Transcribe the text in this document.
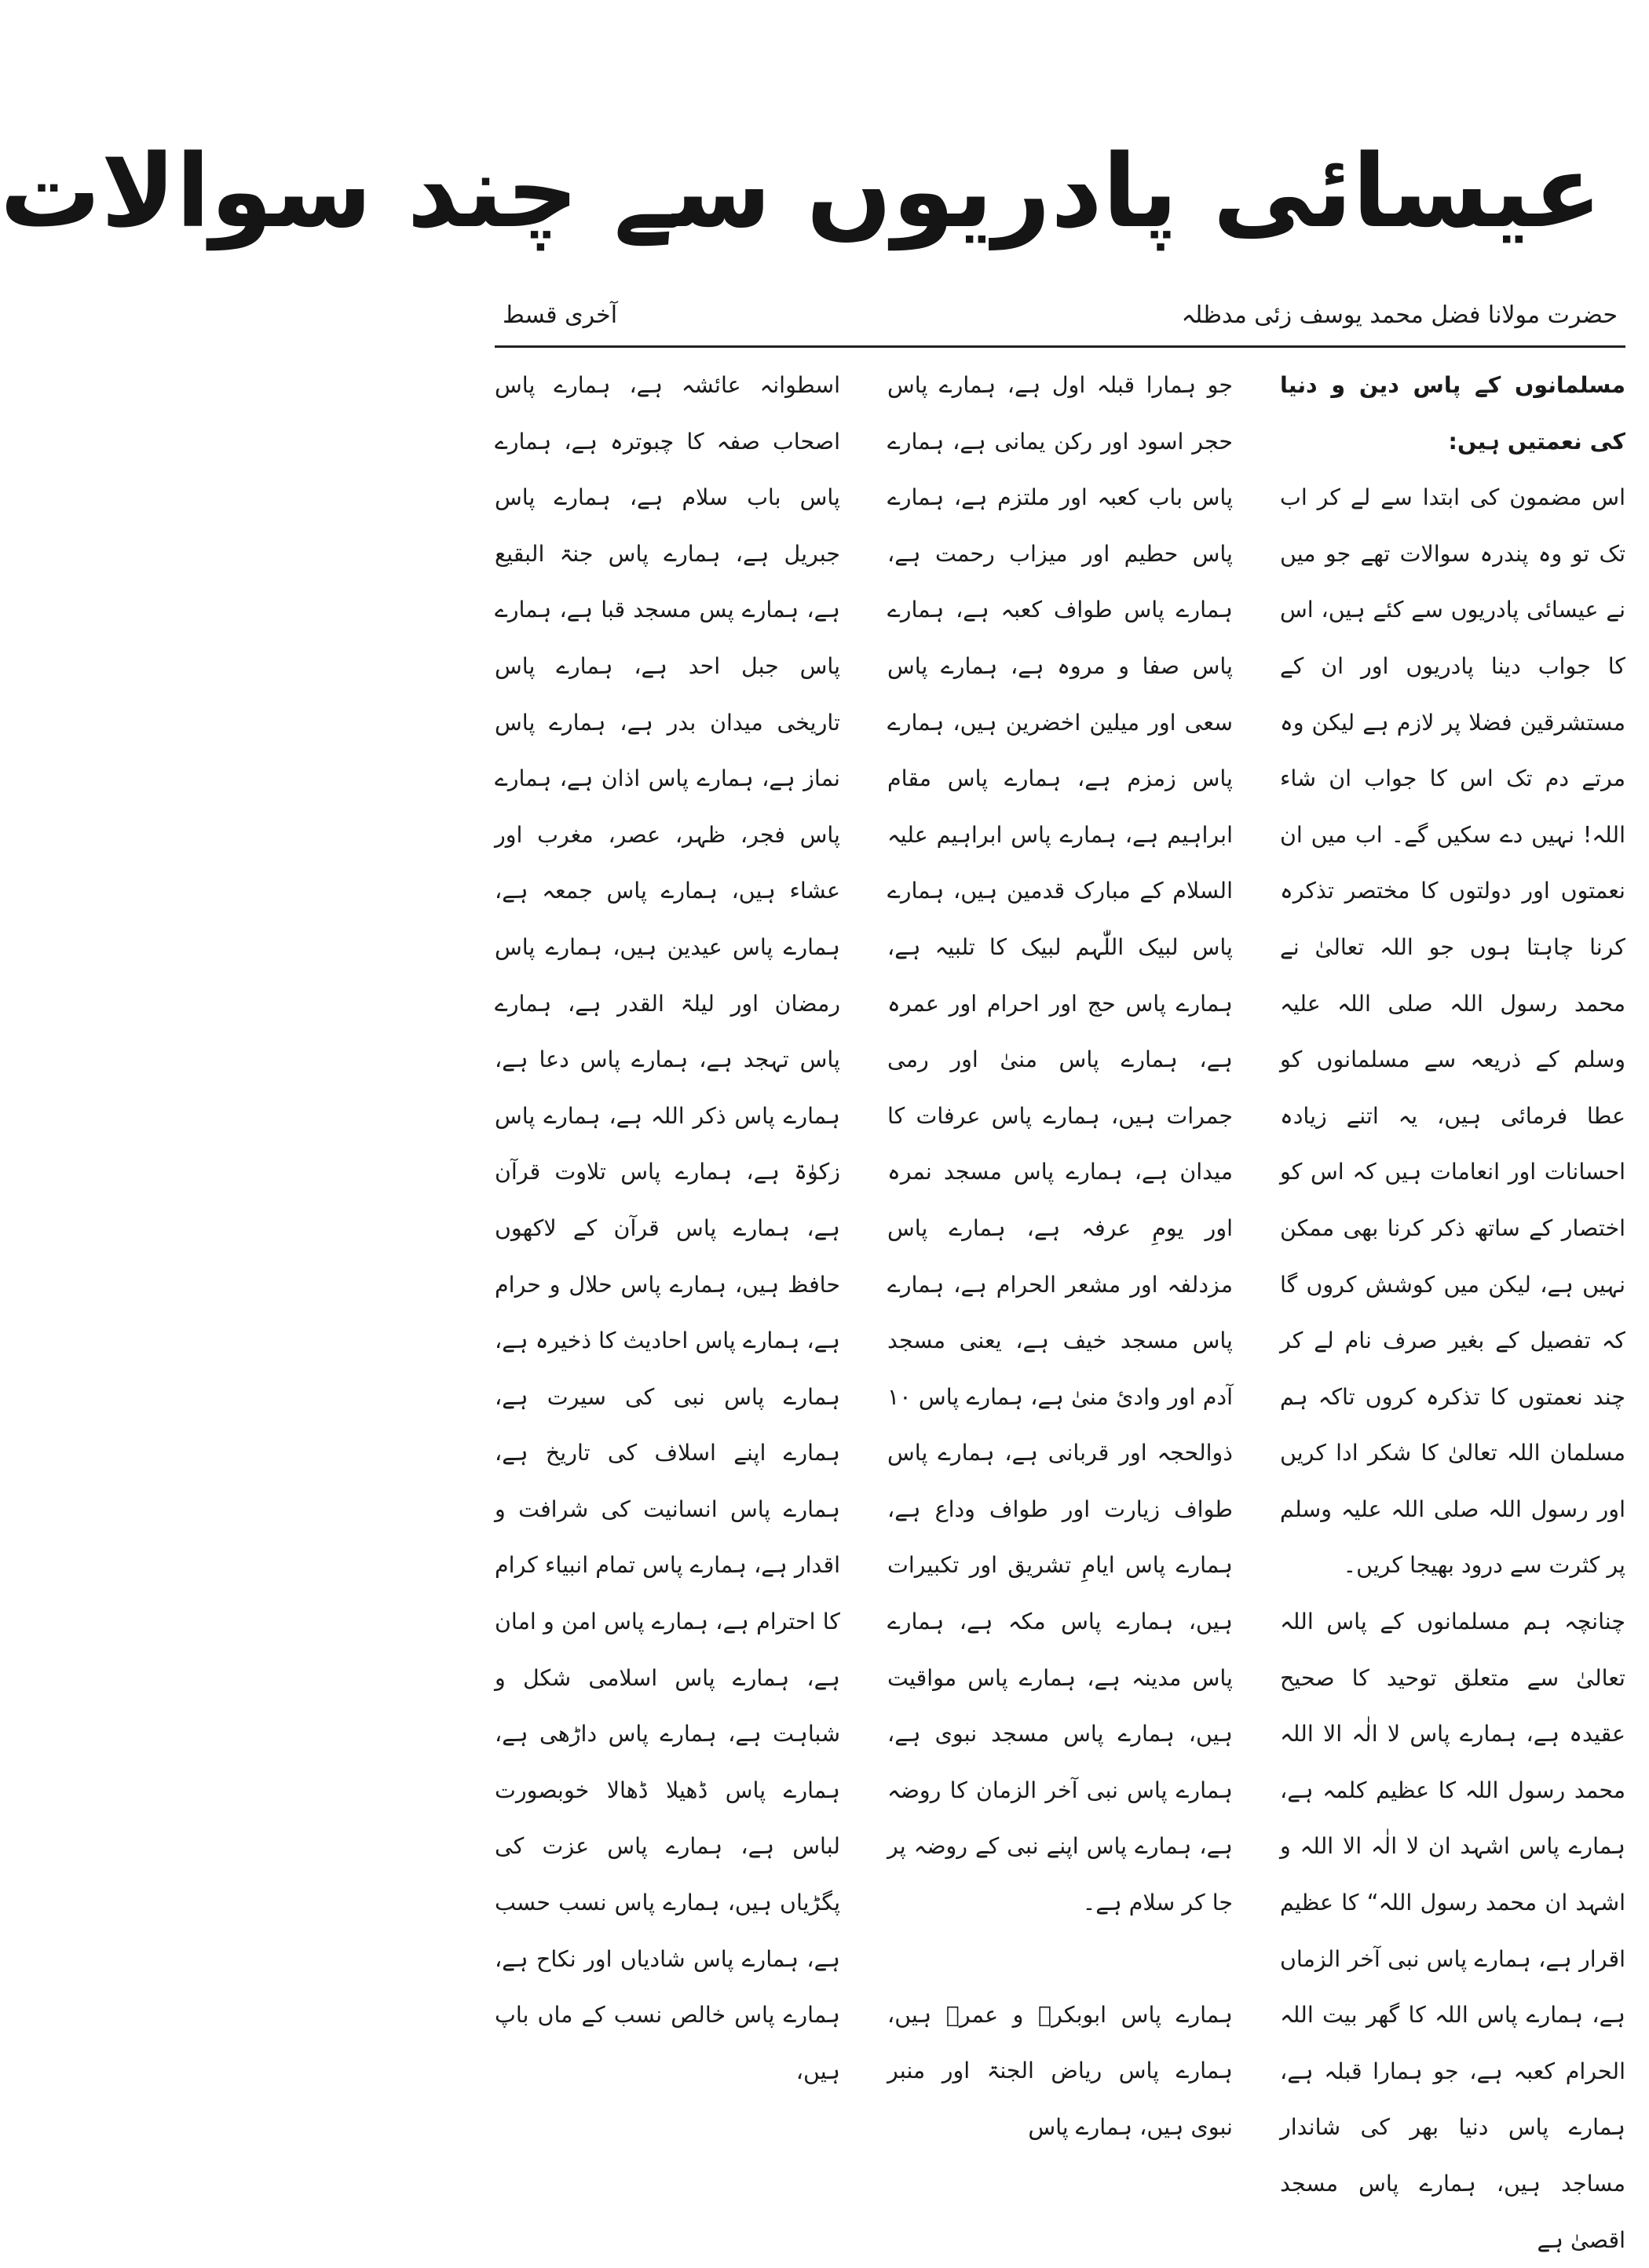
عیسائی پادریوں سے چند سوالات
حضرت مولانا فضل محمد یوسف زئی مدظلہ
آخری قسط

مسلمانوں کے پاس دین و دنیا کی نعمتیں ہیں:

اس مضمون کی ابتدا سے لے کر اب تک تو وہ پندرہ سوالات تھے جو میں نے عیسائی پادریوں سے کئے ہیں، اس کا جواب دینا پادریوں اور ان کے مستشرقین فضلا پر لازم ہے لیکن وہ مرتے دم تک اس کا جواب ان شاء اللہ! نہیں دے سکیں گے۔ اب میں ان نعمتوں اور دولتوں کا مختصر تذکرہ کرنا چاہتا ہوں جو اللہ تعالیٰ نے محمد رسول اللہ صلی اللہ علیہ وسلم کے ذریعہ سے مسلمانوں کو عطا فرمائی ہیں، یہ اتنے زیادہ احسانات اور انعامات ہیں کہ اس کو اختصار کے ساتھ ذکر کرنا بھی ممکن نہیں ہے، لیکن میں کوشش کروں گا کہ تفصیل کے بغیر صرف نام لے کر چند نعمتوں کا تذکرہ کروں تاکہ ہم مسلمان اللہ تعالیٰ کا شکر ادا کریں اور رسول اللہ صلی اللہ علیہ وسلم پر کثرت سے درود بھیجا کریں۔

چنانچہ ہم مسلمانوں کے پاس اللہ تعالیٰ سے متعلق توحید کا صحیح عقیدہ ہے، ہمارے پاس لا الٰہ الا اللہ محمد رسول اللہ کا عظیم کلمہ ہے، ہمارے پاس اشہد ان لا الٰہ الا اللہ و اشہد ان محمد رسول اللہ“ کا عظیم اقرار ہے، ہمارے پاس نبی آخر الزماں ہے، ہمارے پاس اللہ کا گھر بیت اللہ الحرام کعبہ ہے، جو ہمارا قبلہ ہے، ہمارے پاس دنیا بھر کی شاندار مساجد ہیں، ہمارے پاس مسجد اقصیٰ ہے

جو ہمارا قبلہ اول ہے، ہمارے پاس حجر اسود اور رکن یمانی ہے، ہمارے پاس باب کعبہ اور ملتزم ہے، ہمارے پاس حطیم اور میزاب رحمت ہے، ہمارے پاس طواف کعبہ ہے، ہمارے پاس صفا و مروہ ہے، ہمارے پاس سعی اور میلین اخضرین ہیں، ہمارے پاس زمزم ہے، ہمارے پاس مقام ابراہیم ہے، ہمارے پاس ابراہیم علیہ السلام کے مبارک قدمین ہیں، ہمارے پاس لبیک اللّٰہم لبیک کا تلبیہ ہے، ہمارے پاس حج اور احرام اور عمرہ ہے، ہمارے پاس منیٰ اور رمی جمرات ہیں، ہمارے پاس عرفات کا میدان ہے، ہمارے پاس مسجد نمرہ اور یومِ عرفہ ہے، ہمارے پاس مزدلفہ اور مشعر الحرام ہے، ہمارے پاس مسجد خیف ہے، یعنی مسجد آدم اور وادیٔ منیٰ ہے، ہمارے پاس ۱۰ ذوالحجہ اور قربانی ہے، ہمارے پاس طواف زیارت اور طواف وداع ہے، ہمارے پاس ایامِ تشریق اور تکبیرات ہیں، ہمارے پاس مکہ ہے، ہمارے پاس مدینہ ہے، ہمارے پاس مواقیت ہیں، ہمارے پاس مسجد نبوی ہے، ہمارے پاس نبی آخر الزمان کا روضہ ہے، ہمارے پاس اپنے نبی کے روضہ پر جا کر سلام ہے۔

ہمارے پاس ابوبکرؓ و عمرؓ ہیں، ہمارے پاس ریاض الجنۃ اور منبر نبوی ہیں، ہمارے پاس

اسطوانہ عائشہ ہے، ہمارے پاس اصحاب صفہ کا چبوترہ ہے، ہمارے پاس باب سلام ہے، ہمارے پاس جبریل ہے، ہمارے پاس جنۃ البقیع ہے، ہمارے پس مسجد قبا ہے، ہمارے پاس جبل احد ہے، ہمارے پاس تاریخی میدان بدر ہے، ہمارے پاس نماز ہے، ہمارے پاس اذان ہے، ہمارے پاس فجر، ظہر، عصر، مغرب اور عشاء ہیں، ہمارے پاس جمعہ ہے، ہمارے پاس عیدین ہیں، ہمارے پاس رمضان اور لیلۃ القدر ہے، ہمارے پاس تہجد ہے، ہمارے پاس دعا ہے، ہمارے پاس ذکر اللہ ہے، ہمارے پاس زکوٰۃ ہے، ہمارے پاس تلاوت قرآن ہے، ہمارے پاس قرآن کے لاکھوں حافظ ہیں، ہمارے پاس حلال و حرام ہے، ہمارے پاس احادیث کا ذخیرہ ہے، ہمارے پاس نبی کی سیرت ہے، ہمارے اپنے اسلاف کی تاریخ ہے، ہمارے پاس انسانیت کی شرافت و اقدار ہے، ہمارے پاس تمام انبیاء کرام کا احترام ہے، ہمارے پاس امن و امان ہے، ہمارے پاس اسلامی شکل و شباہت ہے، ہمارے پاس داڑھی ہے، ہمارے پاس ڈھیلا ڈھالا خوبصورت لباس ہے، ہمارے پاس عزت کی پگڑیاں ہیں، ہمارے پاس نسب حسب ہے، ہمارے پاس شادیاں اور نکاح ہے، ہمارے پاس خالص نسب کے ماں باپ ہیں،
